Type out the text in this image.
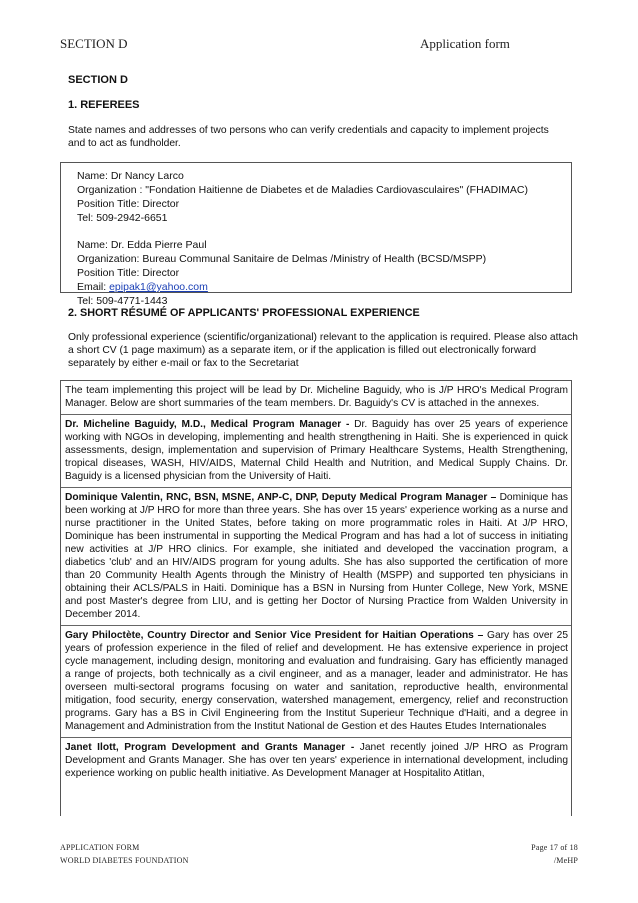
SECTION D	Application form
SECTION D
1. REFEREES
State names and addresses of two persons who can verify credentials and capacity to implement projects and to act as fundholder.
Name: Dr Nancy Larco
Organization : "Fondation Haitienne de Diabetes et de Maladies Cardiovasculaires" (FHADIMAC)
Position Title: Director
Tel: 509-2942-6651
Name: Dr. Edda Pierre Paul
Organization: Bureau Communal Sanitaire de Delmas /Ministry of Health (BCSD/MSPP)
Position Title: Director
Email: epipak1@yahoo.com
Tel: 509-4771-1443
2. SHORT RÉSUMÉ OF APPLICANTS' PROFESSIONAL EXPERIENCE
Only professional experience (scientific/organizational) relevant to the application is required. Please also attach a short CV (1 page maximum) as a separate item, or if the application is filled out electronically forward separately by either e-mail or fax to the Secretariat
The team implementing this project will be lead by Dr. Micheline Baguidy, who is J/P HRO's Medical Program Manager. Below are short summaries of the team members. Dr. Baguidy's CV is attached in the annexes.
Dr. Micheline Baguidy, M.D., Medical Program Manager - Dr. Baguidy has over 25 years of experience working with NGOs in developing, implementing and health strengthening in Haiti. She is experienced in quick assessments, design, implementation and supervision of Primary Healthcare Systems, Health Strengthening, tropical diseases, WASH, HIV/AIDS, Maternal Child Health and Nutrition, and Medical Supply Chains. Dr. Baguidy is a licensed physician from the University of Haiti.
Dominique Valentin, RNC, BSN, MSNE, ANP-C, DNP, Deputy Medical Program Manager – Dominique has been working at J/P HRO for more than three years. She has over 15 years' experience working as a nurse and nurse practitioner in the United States, before taking on more programmatic roles in Haiti. At J/P HRO, Dominique has been instrumental in supporting the Medical Program and has had a lot of success in initiating new activities at J/P HRO clinics. For example, she initiated and developed the vaccination program, a diabetics 'club' and an HIV/AIDS program for young adults. She has also supported the certification of more than 20 Community Health Agents through the Ministry of Health (MSPP) and supported ten physicians in obtaining their ACLS/PALS in Haiti. Dominique has a BSN in Nursing from Hunter College, New York, MSNE and post Master's degree from LIU, and is getting her Doctor of Nursing Practice from Walden University in December 2014.
Gary Philoctète, Country Director and Senior Vice President for Haitian Operations – Gary has over 25 years of profession experience in the filed of relief and development. He has extensive experience in project cycle management, including design, monitoring and evaluation and fundraising. Gary has efficiently managed a range of projects, both technically as a civil engineer, and as a manager, leader and administrator. He has overseen multi-sectoral programs focusing on water and sanitation, reproductive health, environmental mitigation, food security, energy conservation, watershed management, emergency, relief and reconstruction programs. Gary has a BS in Civil Engineering from the Institut Superieur Technique d'Haiti, and a degree in Management and Administration from the Institut National de Gestion et des Hautes Etudes Internationales
Janet Ilott, Program Development and Grants Manager - Janet recently joined J/P HRO as Program Development and Grants Manager. She has over ten years' experience in international development, including experience working on public health initiative. As Development Manager at Hospitalito Atitlan,
APPLICATION FORM
WORLD DIABETES FOUNDATION
Page 17 of 18
/MeHP
